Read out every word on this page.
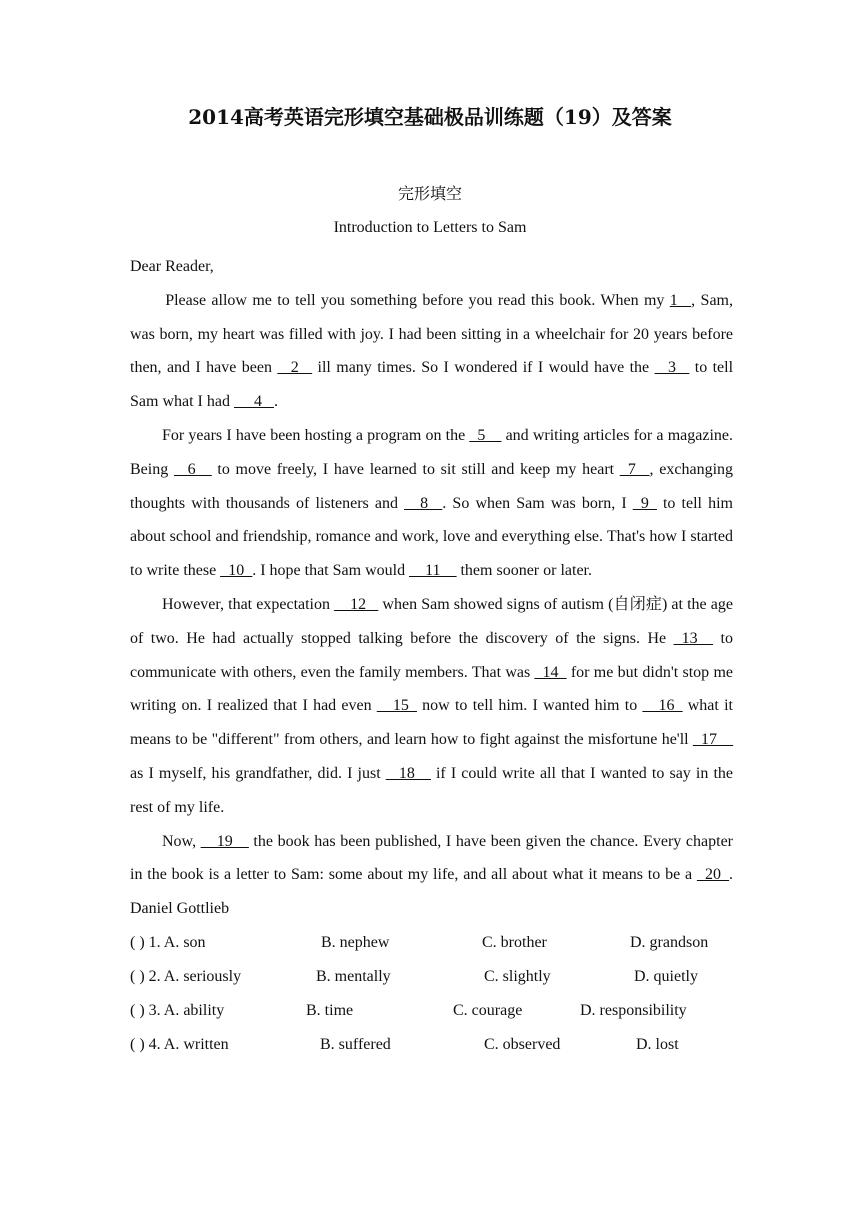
2014高考英语完形填空基础极品训练题（19）及答案
完形填空
Introduction to Letters to Sam

Dear Reader,

Please allow me to tell you something before you read this book. When my 1_ , Sam, was born, my heart was filled with joy. I had been sitting in a wheelchair for 20 years before then, and I have been  _2_  ill many times. So I wondered if I would have the  _3_  to tell Sam what I had  __4_ .

For years I have been hosting a program on the _5__ and writing articles for a magazine. Being  _6__ to move freely, I have learned to sit still and keep my heart _7_ , exchanging thoughts with thousands of listeners and __8_ . So when Sam was born, I _9_ to tell him about school and friendship, romance and work, love and everything else. That's how I started to write these _10_. I hope that Sam would __11__ them sooner or later.

However, that expectation __12_  when Sam showed signs of autism (自闭症) at the age of two. He had actually stopped talking before the discovery of the signs. He _13_  to communicate with others, even the family members. That was _14_ for me but didn't stop me writing on. I realized that I had even __15_ now to tell him. I wanted him to __16_ what it means to be "different" from others, and learn how to fight against the misfortune he'll _17__ as I myself, his grandfather, did. I just  _18__ if I could write all that I wanted to say in the rest of my life.

Now, __19__ the book has been published, I have been given the chance. Every chapter in the book is a letter to Sam: some about my life, and all about what it means to be a _20_. Daniel Gottlieb

( ) 1. A. son	B. nephew	C. brother	D. grandson
( ) 2. A. seriously	B. mentally	C. slightly	D. quietly
( ) 3. A. ability	B. time	C. courage	D. responsibility
( ) 4. A. written	B. suffered	C. observed	D. lost
